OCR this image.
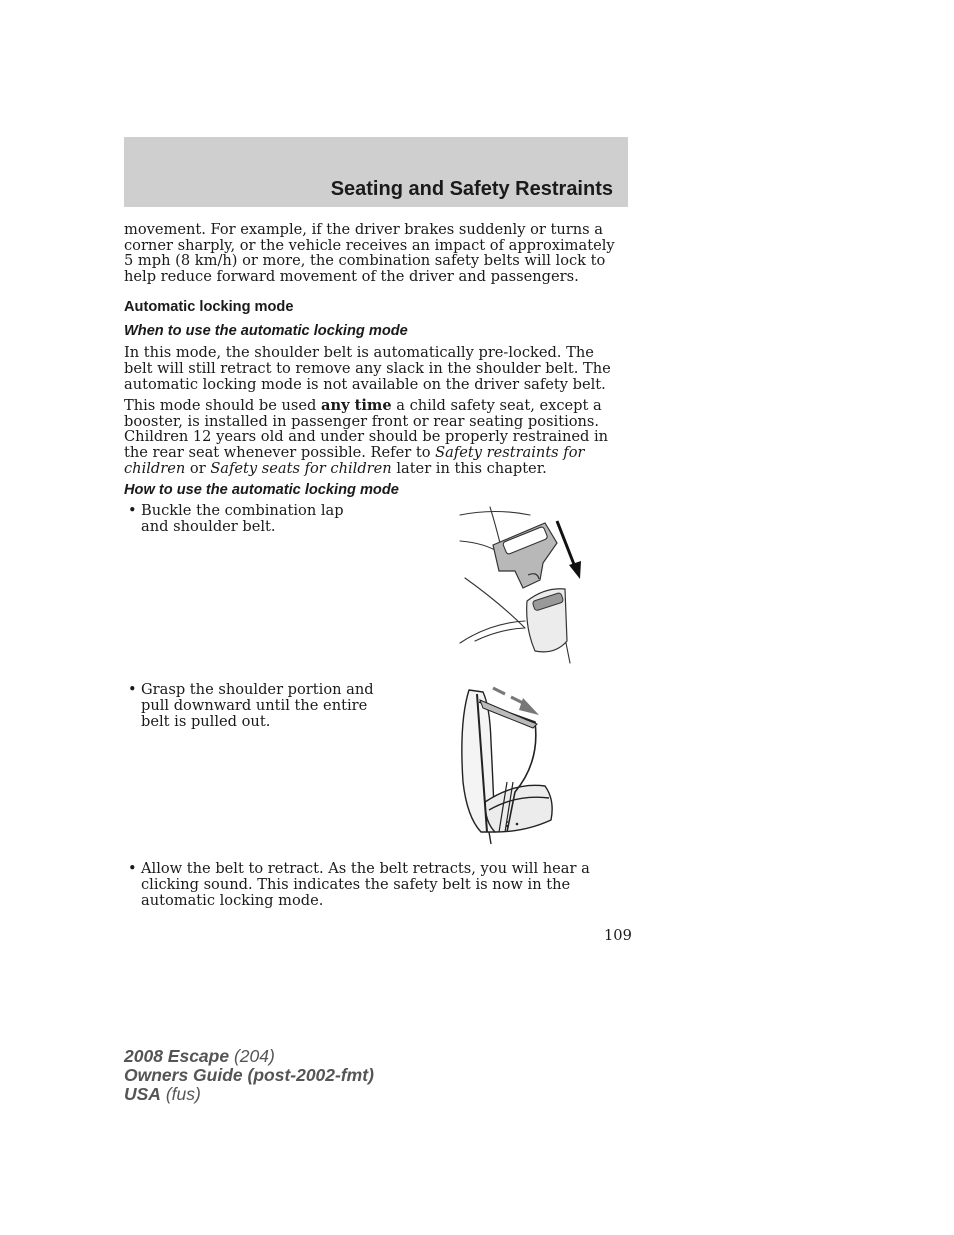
Seating and Safety Restraints

movement. For example, if the driver brakes suddenly or turns a corner sharply, or the vehicle receives an impact of approximately 5 mph (8 km/h) or more, the combination safety belts will lock to help reduce forward movement of the driver and passengers.

Automatic locking mode
When to use the automatic locking mode

In this mode, the shoulder belt is automatically pre-locked. The belt will still retract to remove any slack in the shoulder belt. The automatic locking mode is not available on the driver safety belt.

This mode should be used any time a child safety seat, except a booster, is installed in passenger front or rear seating positions. Children 12 years old and under should be properly restrained in the rear seat whenever possible. Refer to Safety restraints for children or Safety seats for children later in this chapter.

How to use the automatic locking mode
• Buckle the combination lap and shoulder belt.
• Grasp the shoulder portion and pull downward until the entire belt is pulled out.
• Allow the belt to retract. As the belt retracts, you will hear a clicking sound. This indicates the safety belt is now in the automatic locking mode.
109
2008 Escape (204)
Owners Guide (post-2002-fmt)
USA (fus)
